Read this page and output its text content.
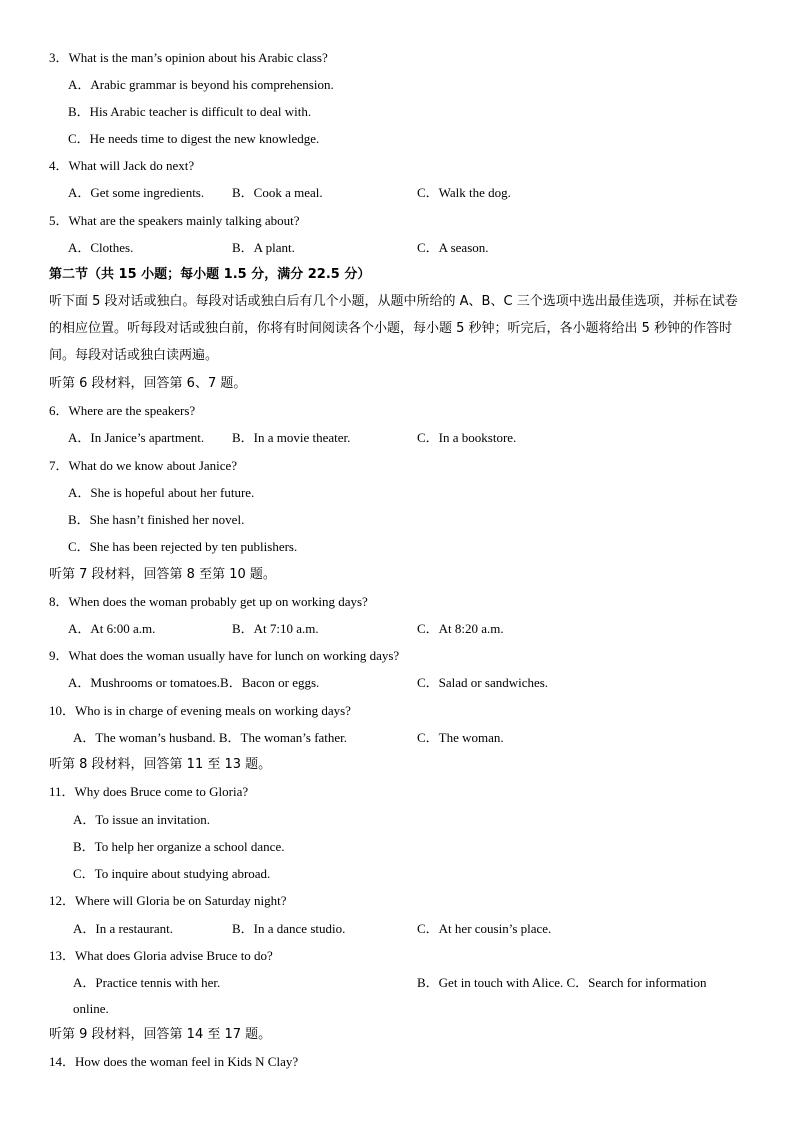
3．What is the man’s opinion about his Arabic class?
A．Arabic grammar is beyond his comprehension.
B．His Arabic teacher is difficult to deal with.
C．He needs time to digest the new knowledge.
4．What will Jack do next?
A．Get some ingredients. B．Cook a meal.	C．Walk the dog.
5．What are the speakers mainly talking about?
A．Clothes.	B．A plant.	C．A season.
第二节（共 15 小题；每小题 1.5 分，满分 22.5 分）
听下面 5 段对话或独白。每段对话或独白后有几个小题，从题中所给的 A、B、C 三个选项中选出最佳选项，并标在试卷的相应位置。听每段对话或独白前，你将有时间阅读各个小题，每小题 5 秒钟；听完后，各小题将给出 5 秒钟的作答时间。每段对话或独白读两遍。
听第 6 段材料，回答第 6、7 题。
6．Where are the speakers?
A．In Janice’s apartment. B．In a movie theater.	C．In a bookstore.
7．What do we know about Janice?
A．She is hopeful about her future.
B．She hasn’t finished her novel.
C．She has been rejected by ten publishers.
听第 7 段材料，回答第 8 至第 10 题。
8．When does the woman probably get up on working days?
A．At 6:00 a.m.	B．At 7:10 a.m.	C．At 8:20 a.m.
9．What does the woman usually have for lunch on working days?
A．Mushrooms or tomatoes.B．Bacon or eggs.	C．Salad or sandwiches.
10．Who is in charge of evening meals on working days?
A．The woman’s husband. B．The woman’s father.	C．The woman.
听第 8 段材料，回答第 11 至 13 题。
11．Why does Bruce come to Gloria?
A．To issue an invitation.
B．To help her organize a school dance.
C．To inquire about studying abroad.
12．Where will Gloria be on Saturday night?
A．In a restaurant.	B．In a dance studio.	C．At her cousin’s place.
13．What does Gloria advise Bruce to do?
A．Practice tennis with her.	B．Get in touch with Alice. C．Search for information
online.
听第 9 段材料，回答第 14 至 17 题。
14．How does the woman feel in Kids N Clay?
